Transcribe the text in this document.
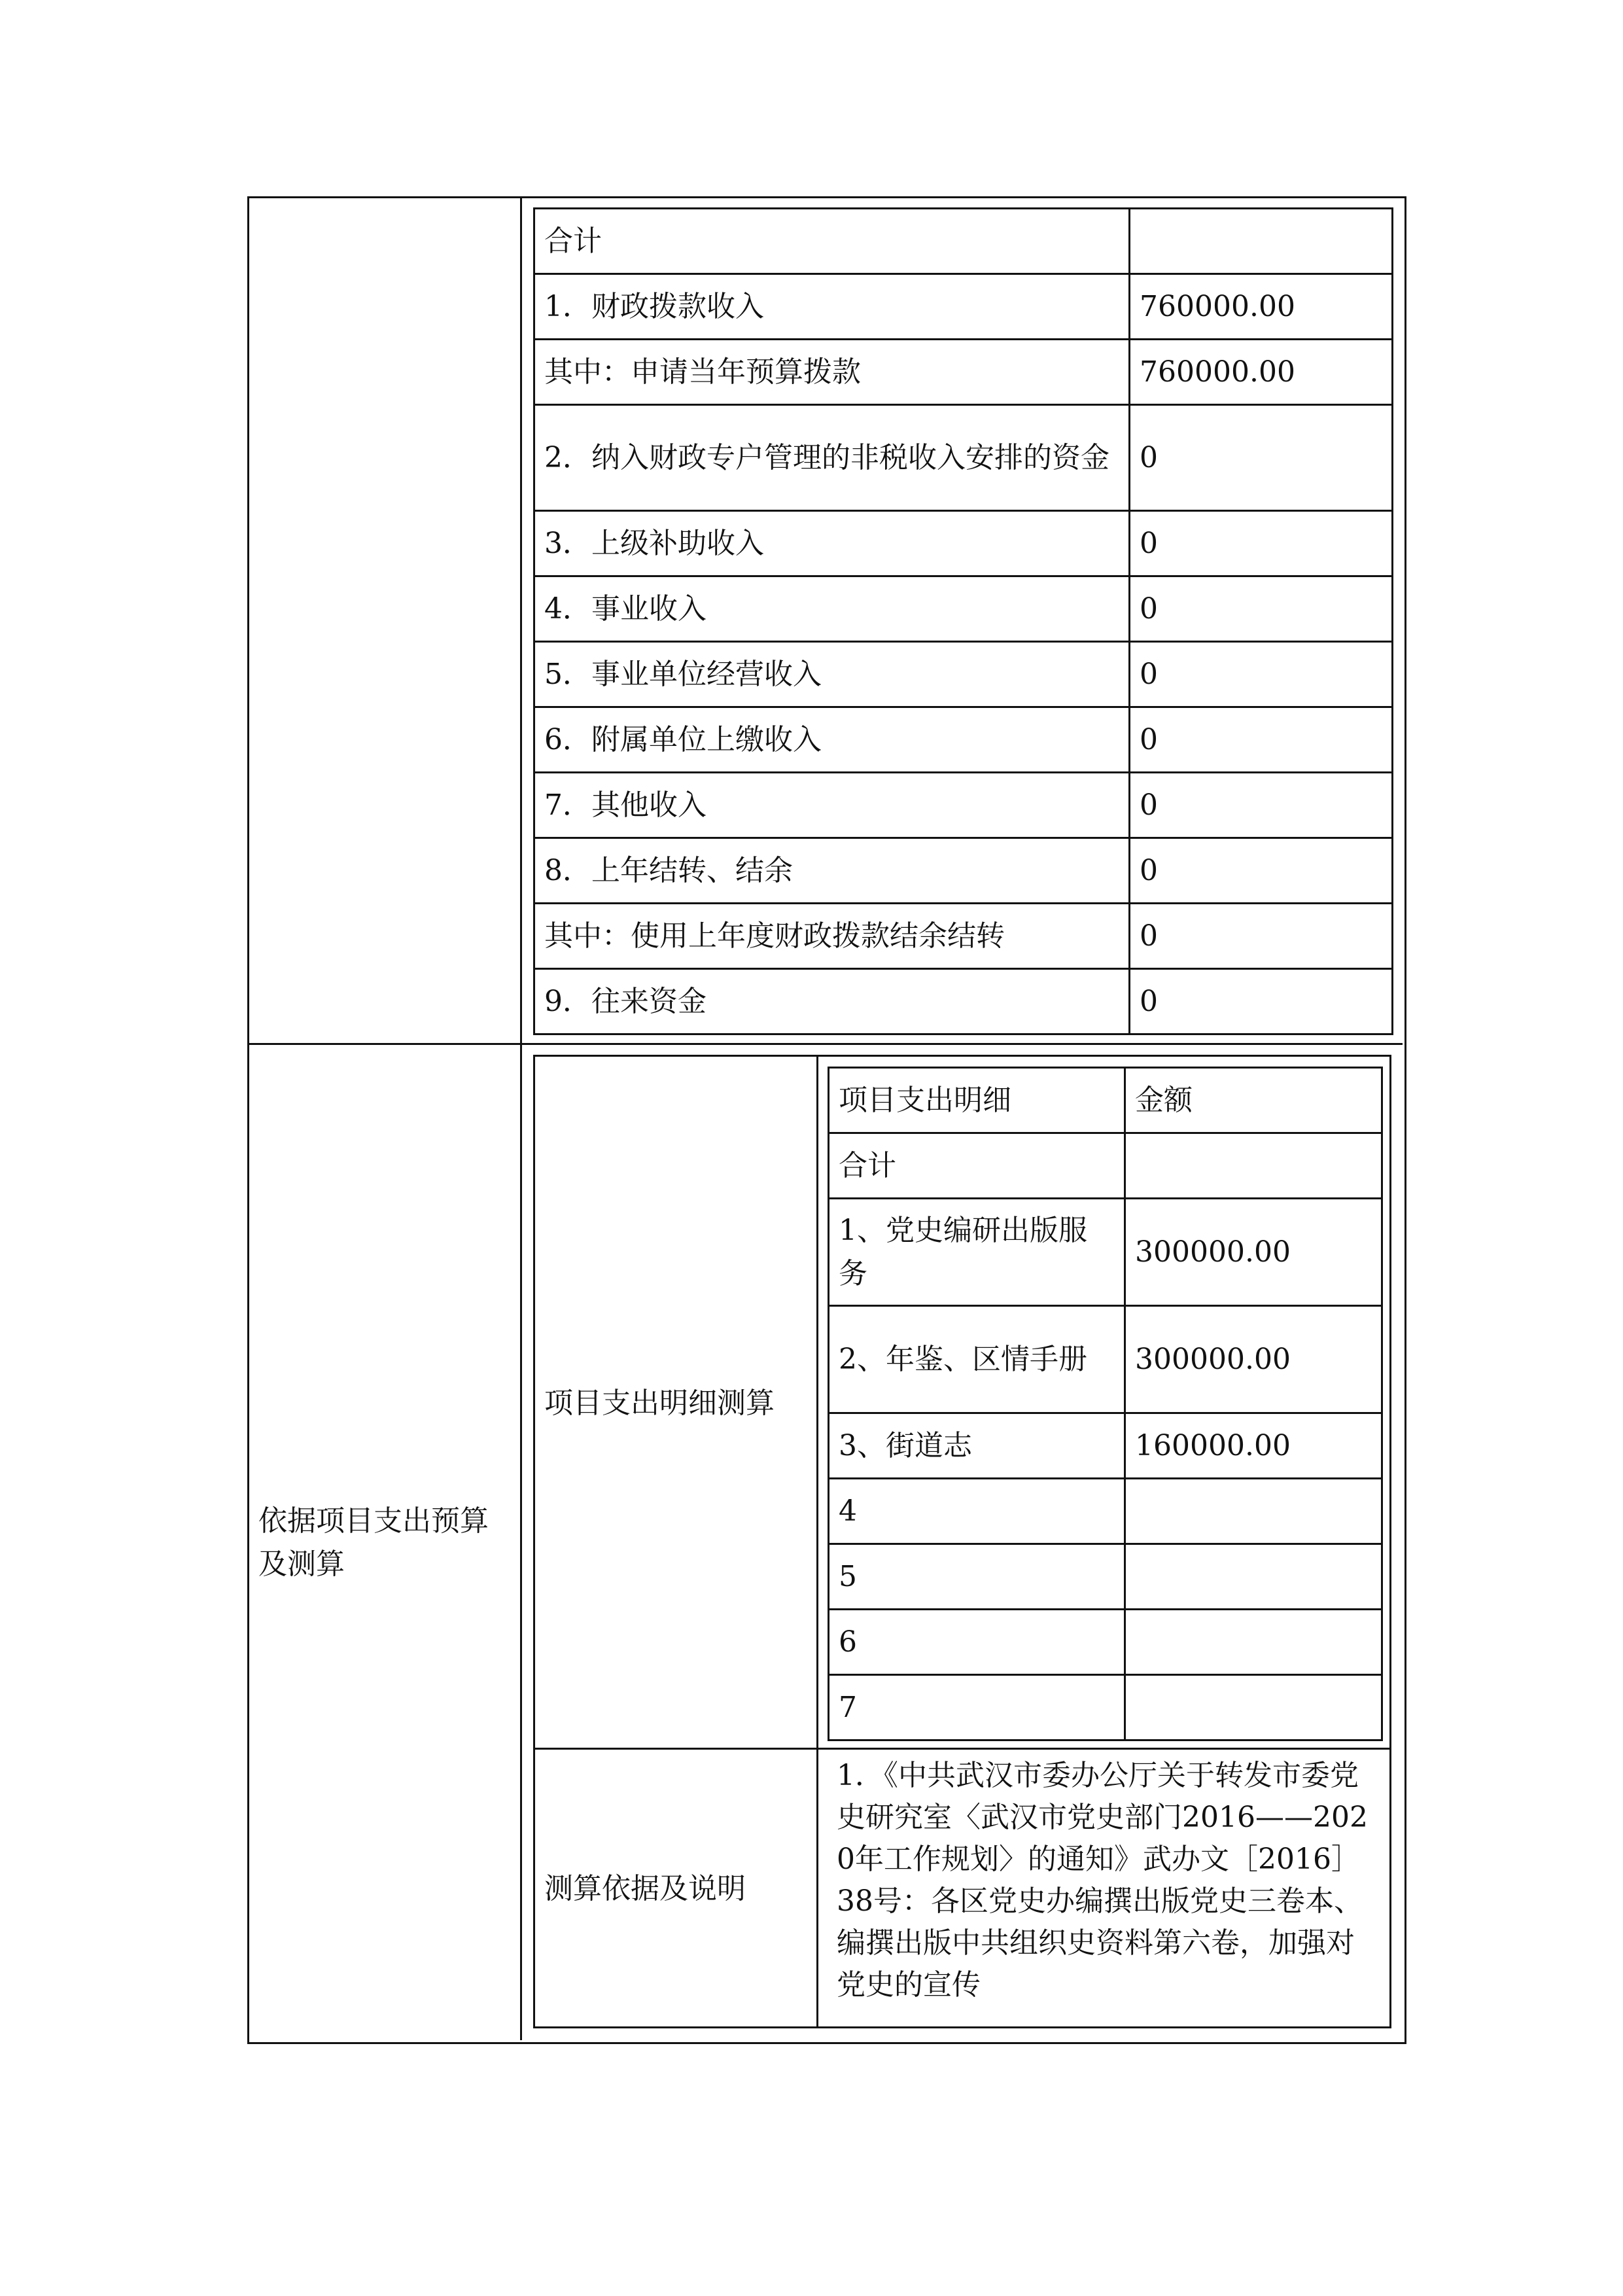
合计	
1．财政拨款收入	760000.00
其中：申请当年预算拨款	760000.00
2．纳入财政专户管理的非税收入安排的资金	0
3．上级补助收入	0
4．事业收入	0
5．事业单位经营收入	0
6．附属单位上缴收入	0
7．其他收入	0
8．上年结转、结余	0
其中：使用上年度财政拨款结余结转	0
9．往来资金	0
依据项目支出预算及测算
项目支出明细测算
项目支出明细	金额
合计	
1、党史编研出版服务	300000.00
2、年鉴、区情手册	300000.00
3、街道志	160000.00
4	
5	
6	
7	
测算依据及说明
1．《中共武汉市委办公厅关于转发市委党史研究室〈武汉市党史部门2016——2020年工作规划〉的通知》武办文［2016］38号：各区党史办编撰出版党史三卷本、编撰出版中共组织史资料第六卷，加强对党史的宣传
